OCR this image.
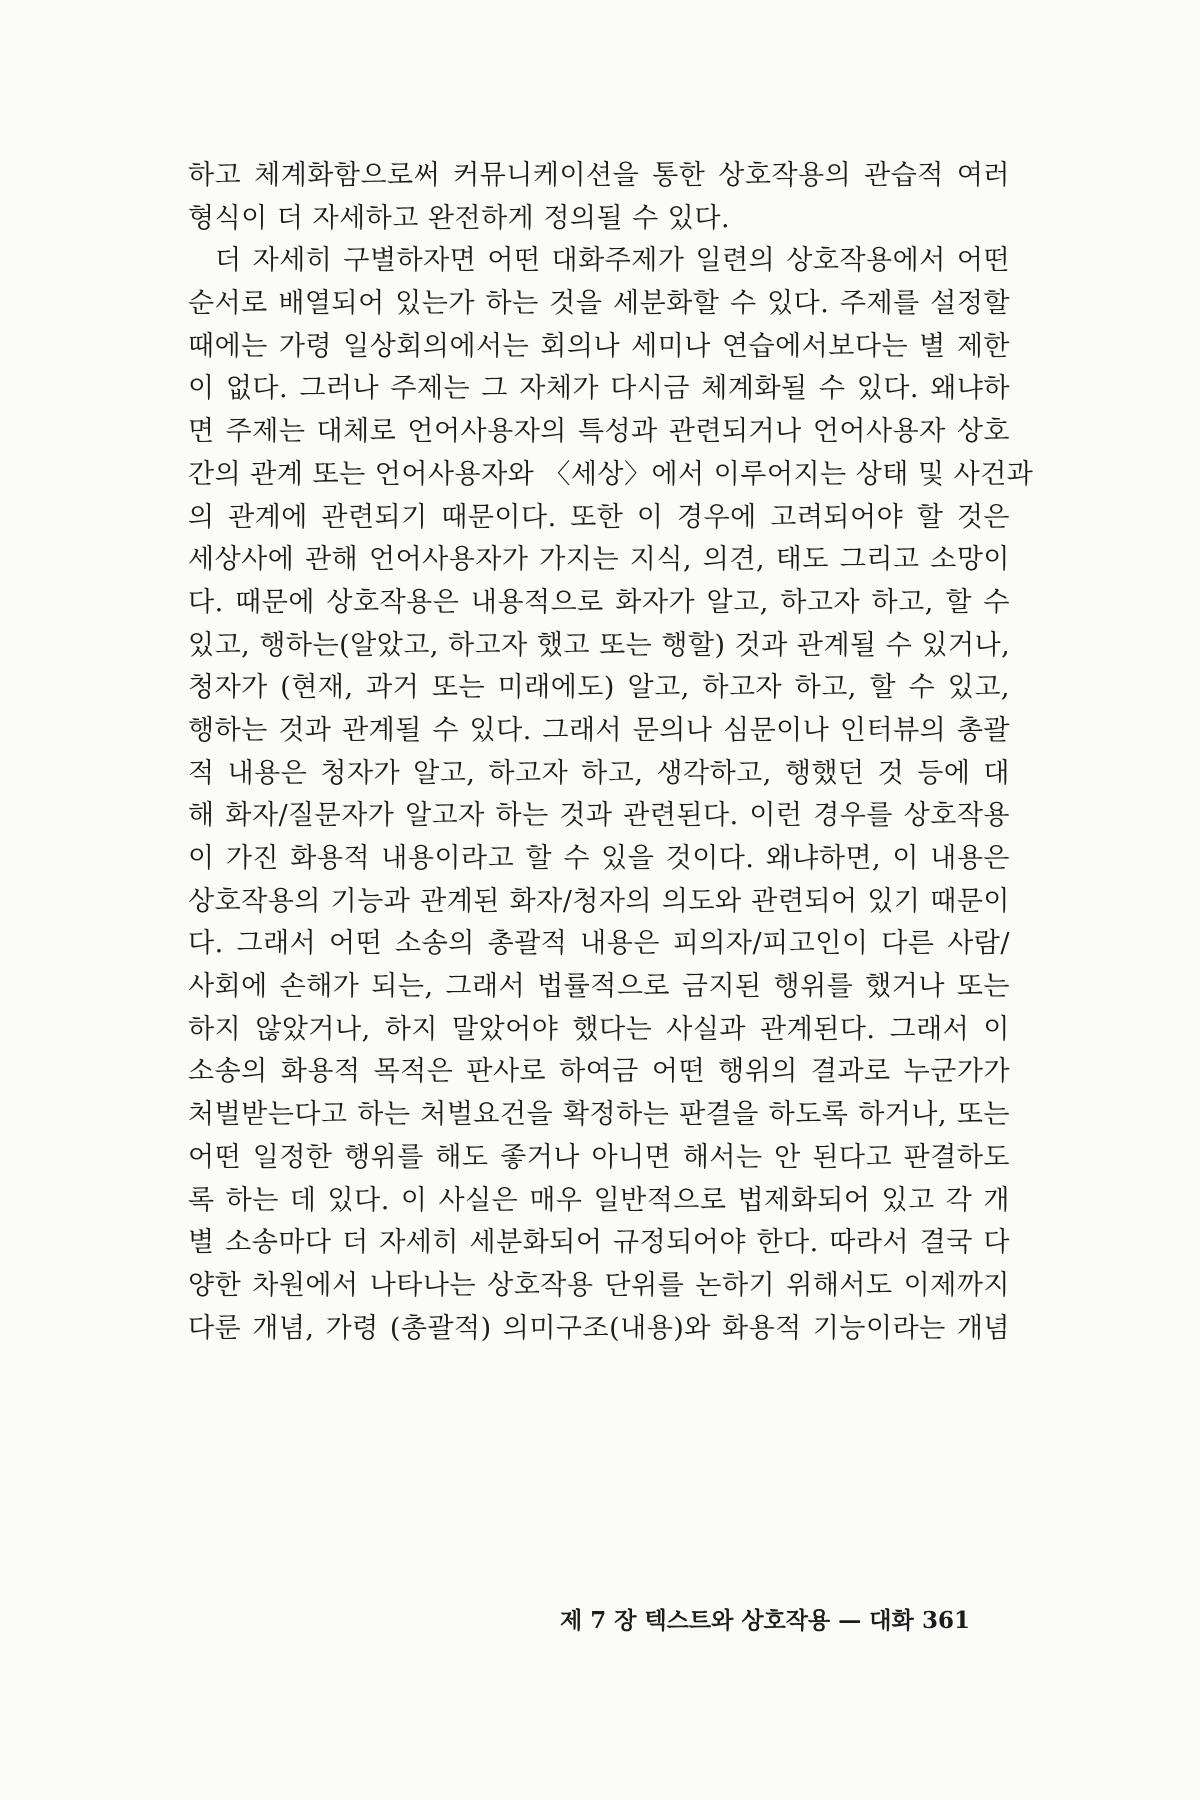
하고 체계화함으로써 커뮤니케이션을 통한 상호작용의 관습적 여러
형식이 더 자세하고 완전하게 정의될 수 있다.
더 자세히 구별하자면 어떤 대화주제가 일련의 상호작용에서 어떤
순서로 배열되어 있는가 하는 것을 세분화할 수 있다. 주제를 설정할
때에는 가령 일상회의에서는 회의나 세미나 연습에서보다는 별 제한
이 없다. 그러나 주제는 그 자체가 다시금 체계화될 수 있다. 왜냐하
면 주제는 대체로 언어사용자의 특성과 관련되거나 언어사용자 상호
간의 관계 또는 언어사용자와 〈세상〉에서 이루어지는 상태 및 사건과
의 관계에 관련되기 때문이다. 또한 이 경우에 고려되어야 할 것은
세상사에 관해 언어사용자가 가지는 지식, 의견, 태도 그리고 소망이
다. 때문에 상호작용은 내용적으로 화자가 알고, 하고자 하고, 할 수
있고, 행하는(알았고, 하고자 했고 또는 행할) 것과 관계될 수 있거나,
청자가 (현재, 과거 또는 미래에도) 알고, 하고자 하고, 할 수 있고,
행하는 것과 관계될 수 있다. 그래서 문의나 심문이나 인터뷰의 총괄
적 내용은 청자가 알고, 하고자 하고, 생각하고, 행했던 것 등에 대
해 화자/질문자가 알고자 하는 것과 관련된다. 이런 경우를 상호작용
이 가진 화용적 내용이라고 할 수 있을 것이다. 왜냐하면, 이 내용은
상호작용의 기능과 관계된 화자/청자의 의도와 관련되어 있기 때문이
다. 그래서 어떤 소송의 총괄적 내용은 피의자/피고인이 다른 사람/
사회에 손해가 되는, 그래서 법률적으로 금지된 행위를 했거나 또는
하지 않았거나, 하지 말았어야 했다는 사실과 관계된다. 그래서 이
소송의 화용적 목적은 판사로 하여금 어떤 행위의 결과로 누군가가
처벌받는다고 하는 처벌요건을 확정하는 판결을 하도록 하거나, 또는
어떤 일정한 행위를 해도 좋거나 아니면 해서는 안 된다고 판결하도
록 하는 데 있다. 이 사실은 매우 일반적으로 법제화되어 있고 각 개
별 소송마다 더 자세히 세분화되어 규정되어야 한다. 따라서 결국 다
양한 차원에서 나타나는 상호작용 단위를 논하기 위해서도 이제까지
다룬 개념, 가령 (총괄적) 의미구조(내용)와 화용적 기능이라는 개념
제 7 장 텍스트와 상호작용 — 대화 361
